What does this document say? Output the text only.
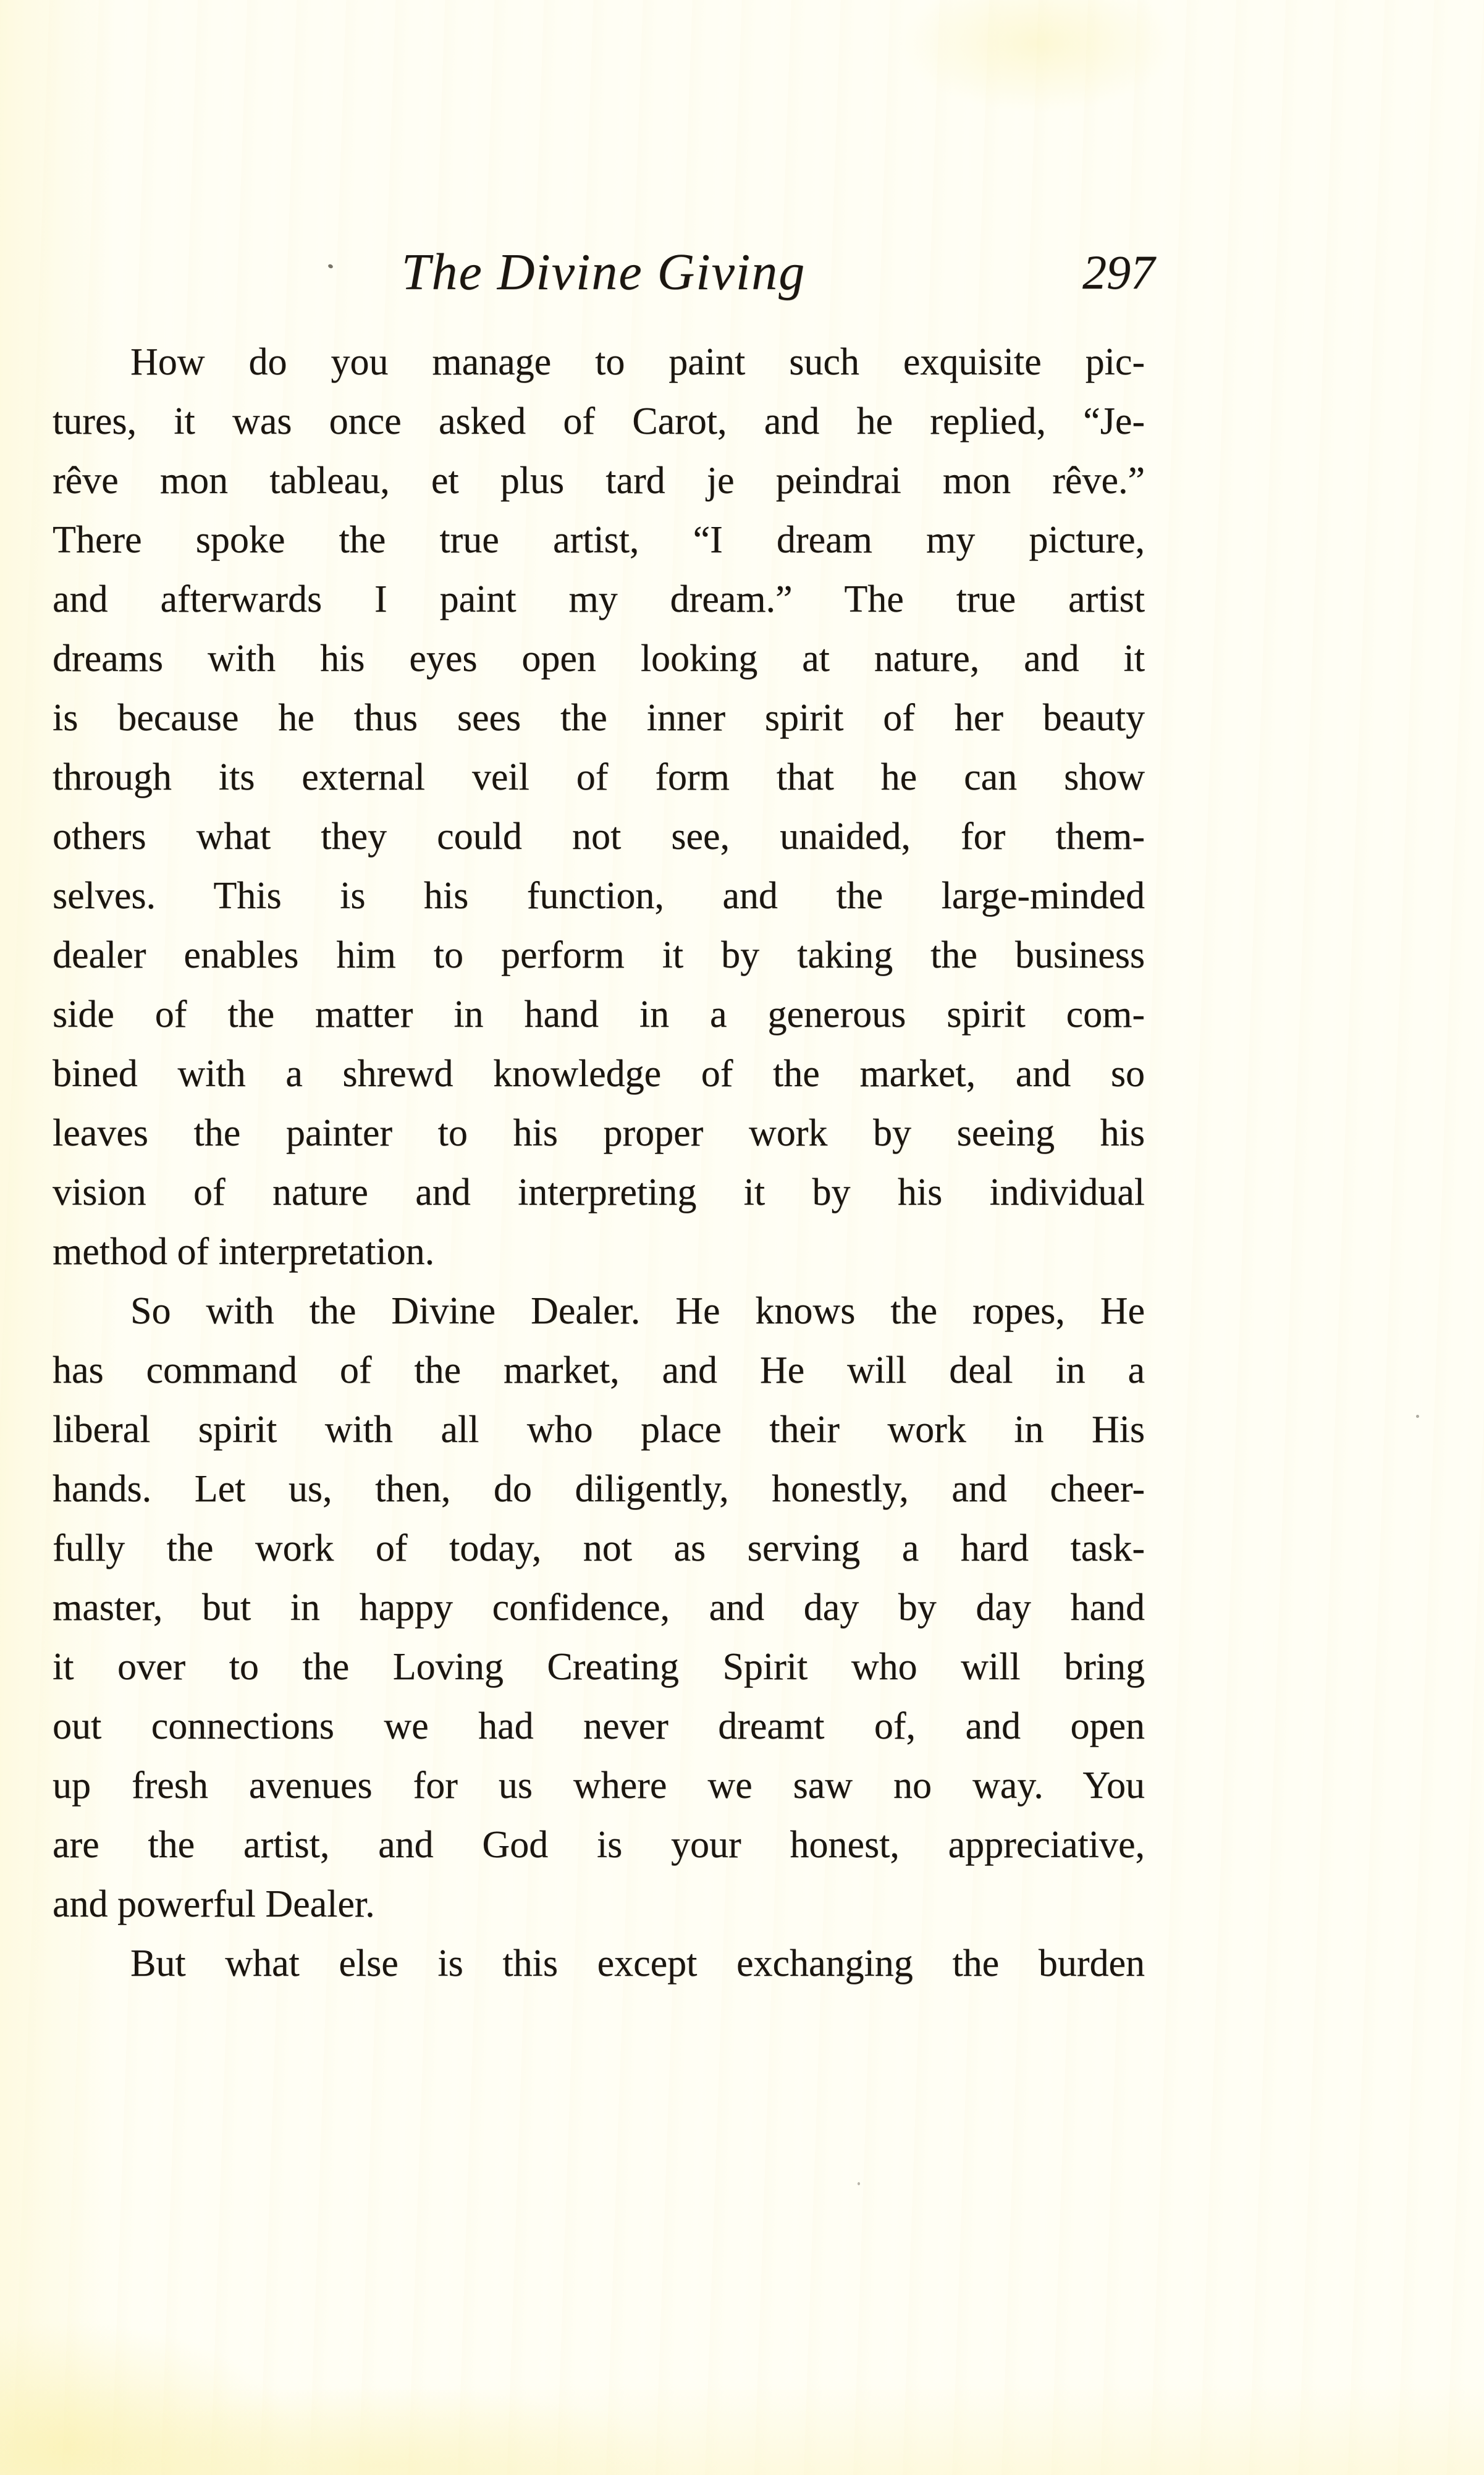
The Divine Giving	297
How do you manage to paint such exquisite pic-
tures, it was once asked of Carot, and he replied, “Je-
rêve mon tableau, et plus tard je peindrai mon rêve.”
There spoke the true artist, “I dream my picture,
and afterwards I paint my dream.” The true artist
dreams with his eyes open looking at nature, and it
is because he thus sees the inner spirit of her beauty
through its external veil of form that he can show
others what they could not see, unaided, for them-
selves. This is his function, and the large-minded
dealer enables him to perform it by taking the business
side of the matter in hand in a generous spirit com-
bined with a shrewd knowledge of the market, and so
leaves the painter to his proper work by seeing his
vision of nature and interpreting it by his individual
method of interpretation.
So with the Divine Dealer. He knows the ropes, He
has command of the market, and He will deal in a
liberal spirit with all who place their work in His
hands. Let us, then, do diligently, honestly, and cheer-
fully the work of today, not as serving a hard task-
master, but in happy confidence, and day by day hand
it over to the Loving Creating Spirit who will bring
out connections we had never dreamt of, and open
up fresh avenues for us where we saw no way. You
are the artist, and God is your honest, appreciative,
and powerful Dealer.
But what else is this except exchanging the burden
